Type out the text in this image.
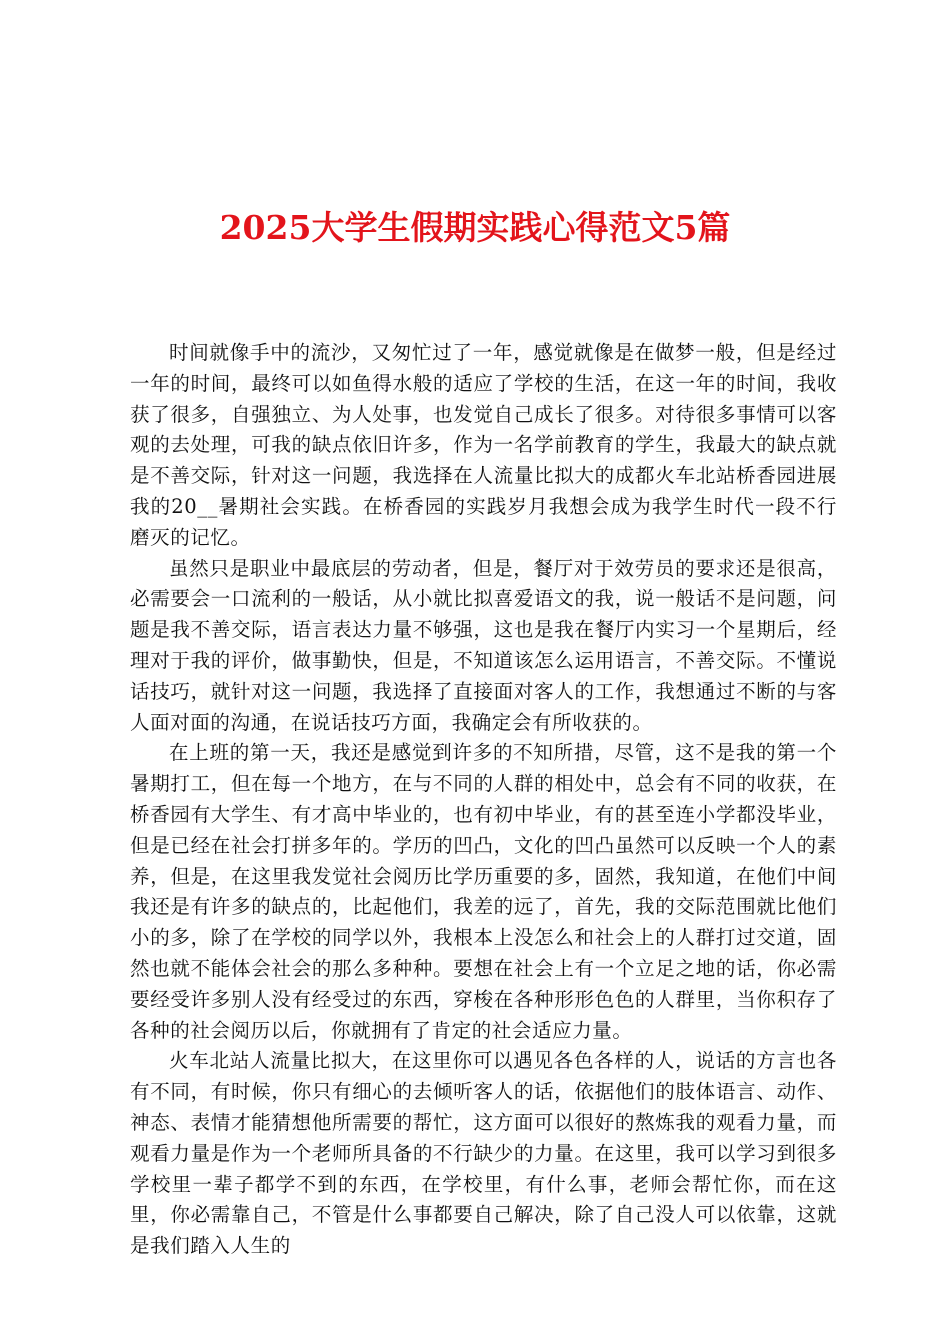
2025大学生假期实践心得范文5篇

时间就像手中的流沙，又匆忙过了一年，感觉就像是在做梦一般，但是经过一年的时间，最终可以如鱼得水般的适应了学校的生活，在这一年的时间，我收获了很多，自强独立、为人处事，也发觉自己成长了很多。对待很多事情可以客观的去处理，可我的缺点依旧许多，作为一名学前教育的学生，我最大的缺点就是不善交际，针对这一问题，我选择在人流量比拟大的成都火车北站桥香园进展我的20__暑期社会实践。在桥香园的实践岁月我想会成为我学生时代一段不行磨灭的记忆。

虽然只是职业中最底层的劳动者，但是，餐厅对于效劳员的要求还是很高，必需要会一口流利的一般话，从小就比拟喜爱语文的我，说一般话不是问题，问题是我不善交际，语言表达力量不够强，这也是我在餐厅内实习一个星期后，经理对于我的评价，做事勤快，但是，不知道该怎么运用语言，不善交际。不懂说话技巧，就针对这一问题，我选择了直接面对客人的工作，我想通过不断的与客人面对面的沟通，在说话技巧方面，我确定会有所收获的。

在上班的第一天，我还是感觉到许多的不知所措，尽管，这不是我的第一个暑期打工，但在每一个地方，在与不同的人群的相处中，总会有不同的收获，在桥香园有大学生、有才高中毕业的，也有初中毕业，有的甚至连小学都没毕业，但是已经在社会打拼多年的。学历的凹凸，文化的凹凸虽然可以反映一个人的素养，但是，在这里我发觉社会阅历比学历重要的多，固然，我知道，在他们中间我还是有许多的缺点的，比起他们，我差的远了，首先，我的交际范围就比他们小的多，除了在学校的同学以外，我根本上没怎么和社会上的人群打过交道，固然也就不能体会社会的那么多种种。要想在社会上有一个立足之地的话，你必需要经受许多别人没有经受过的东西，穿梭在各种形形色色的人群里，当你积存了各种的社会阅历以后，你就拥有了肯定的社会适应力量。

火车北站人流量比拟大，在这里你可以遇见各色各样的人，说话的方言也各有不同，有时候，你只有细心的去倾听客人的话，依据他们的肢体语言、动作、神态、表情才能猜想他所需要的帮忙，这方面可以很好的熬炼我的观看力量，而观看力量是作为一个老师所具备的不行缺少的力量。在这里，我可以学习到很多学校里一辈子都学不到的东西，在学校里，有什么事，老师会帮忙你，而在这里，你必需靠自己，不管是什么事都要自己解决，除了自己没人可以依靠，这就是我们踏入人生的
